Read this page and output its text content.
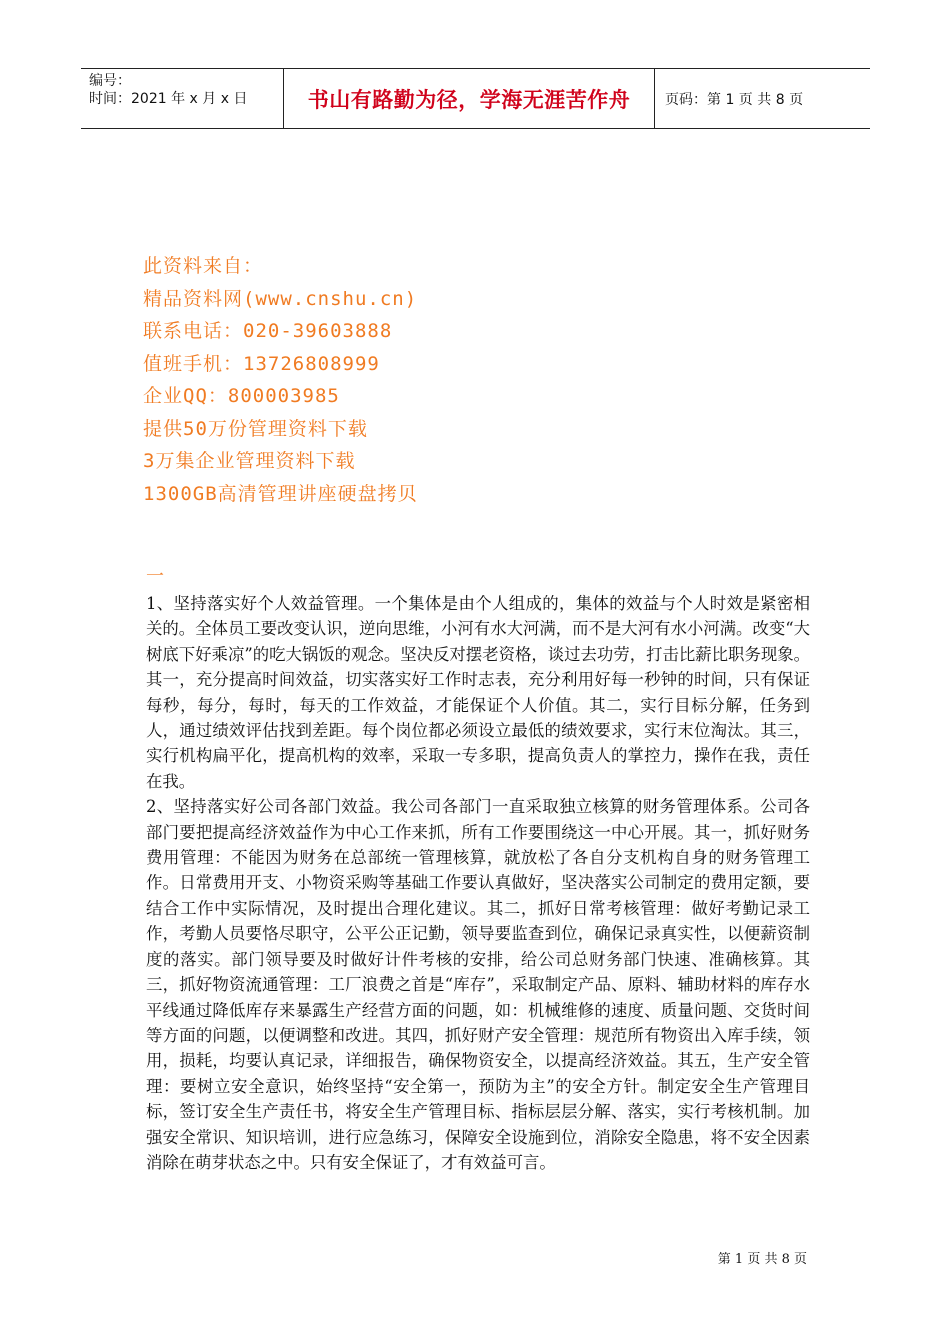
编号：
时间：2021 年 x 月 x 日	书山有路勤为径，学海无涯苦作舟	页码：第 1 页 共 8 页
此资料来自：
精品资料网(www.cnshu.cn)
联系电话：020-39603888
值班手机：13726808999
企业QQ：800003985
提供50万份管理资料下载
3万集企业管理资料下载
1300GB高清管理讲座硬盘拷贝
一

1、坚持落实好个人效益管理。一个集体是由个人组成的，集体的效益与个人时效是紧密相关的。全体员工要改变认识，逆向思维，小河有水大河满，而不是大河有水小河满。改变“大树底下好乘凉”的吃大锅饭的观念。坚决反对摆老资格，谈过去功劳，打击比薪比职务现象。其一，充分提高时间效益，切实落实好工作时志表，充分利用好每一秒钟的时间，只有保证每秒，每分，每时，每天的工作效益，才能保证个人价值。其二，实行目标分解，任务到人，通过绩效评估找到差距。每个岗位都必须设立最低的绩效要求，实行末位淘汰。其三，实行机构扁平化，提高机构的效率，采取一专多职，提高负责人的掌控力，操作在我，责任在我。

2、坚持落实好公司各部门效益。我公司各部门一直采取独立核算的财务管理体系。公司各部门要把提高经济效益作为中心工作来抓，所有工作要围绕这一中心开展。其一，抓好财务费用管理：不能因为财务在总部统一管理核算，就放松了各自分支机构自身的财务管理工作。日常费用开支、小物资采购等基础工作要认真做好，坚决落实公司制定的费用定额，要结合工作中实际情况，及时提出合理化建议。其二，抓好日常考核管理：做好考勤记录工作，考勤人员要恪尽职守，公平公正记勤，领导要监查到位，确保记录真实性，以便薪资制度的落实。部门领导要及时做好计件考核的安排，给公司总财务部门快速、准确核算。其三，抓好物资流通管理：工厂浪费之首是“库存”，采取制定产品、原料、辅助材料的库存水平线通过降低库存来暴露生产经营方面的问题，如：机械维修的速度、质量问题、交货时间等方面的问题，以便调整和改进。其四，抓好财产安全管理：规范所有物资出入库手续，领用，损耗，均要认真记录，详细报告，确保物资安全，以提高经济效益。其五，生产安全管理：要树立安全意识，始终坚持“安全第一，预防为主”的安全方针。制定安全生产管理目标，签订安全生产责任书，将安全生产管理目标、指标层层分解、落实，实行考核机制。加强安全常识、知识培训，进行应急练习，保障安全设施到位，消除安全隐患，将不安全因素消除在萌芽状态之中。只有安全保证了，才有效益可言。

第 1 页 共 8 页
